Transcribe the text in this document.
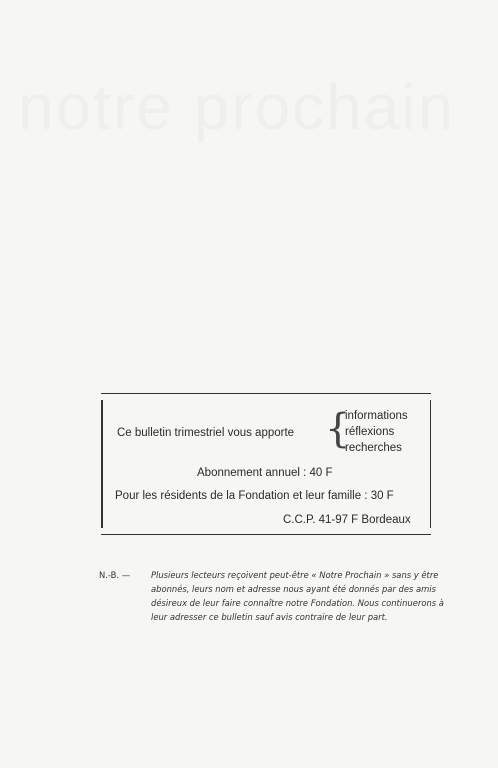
notre prochain
Ce bulletin trimestriel vous apporte {
informations
réflexions
recherches
Abonnement annuel : 40 F
Pour les résidents de la Fondation et leur famille : 30 F
C.C.P. 41-97 F Bordeaux
N.-B. —	Plusieurs lecteurs reçoivent peut-être « Notre Prochain » sans y être abonnés, leurs nom et adresse nous ayant été donnés par des amis désireux de leur faire connaître notre Fondation. Nous continuerons à leur adresser ce bulletin sauf avis contraire de leur part.
